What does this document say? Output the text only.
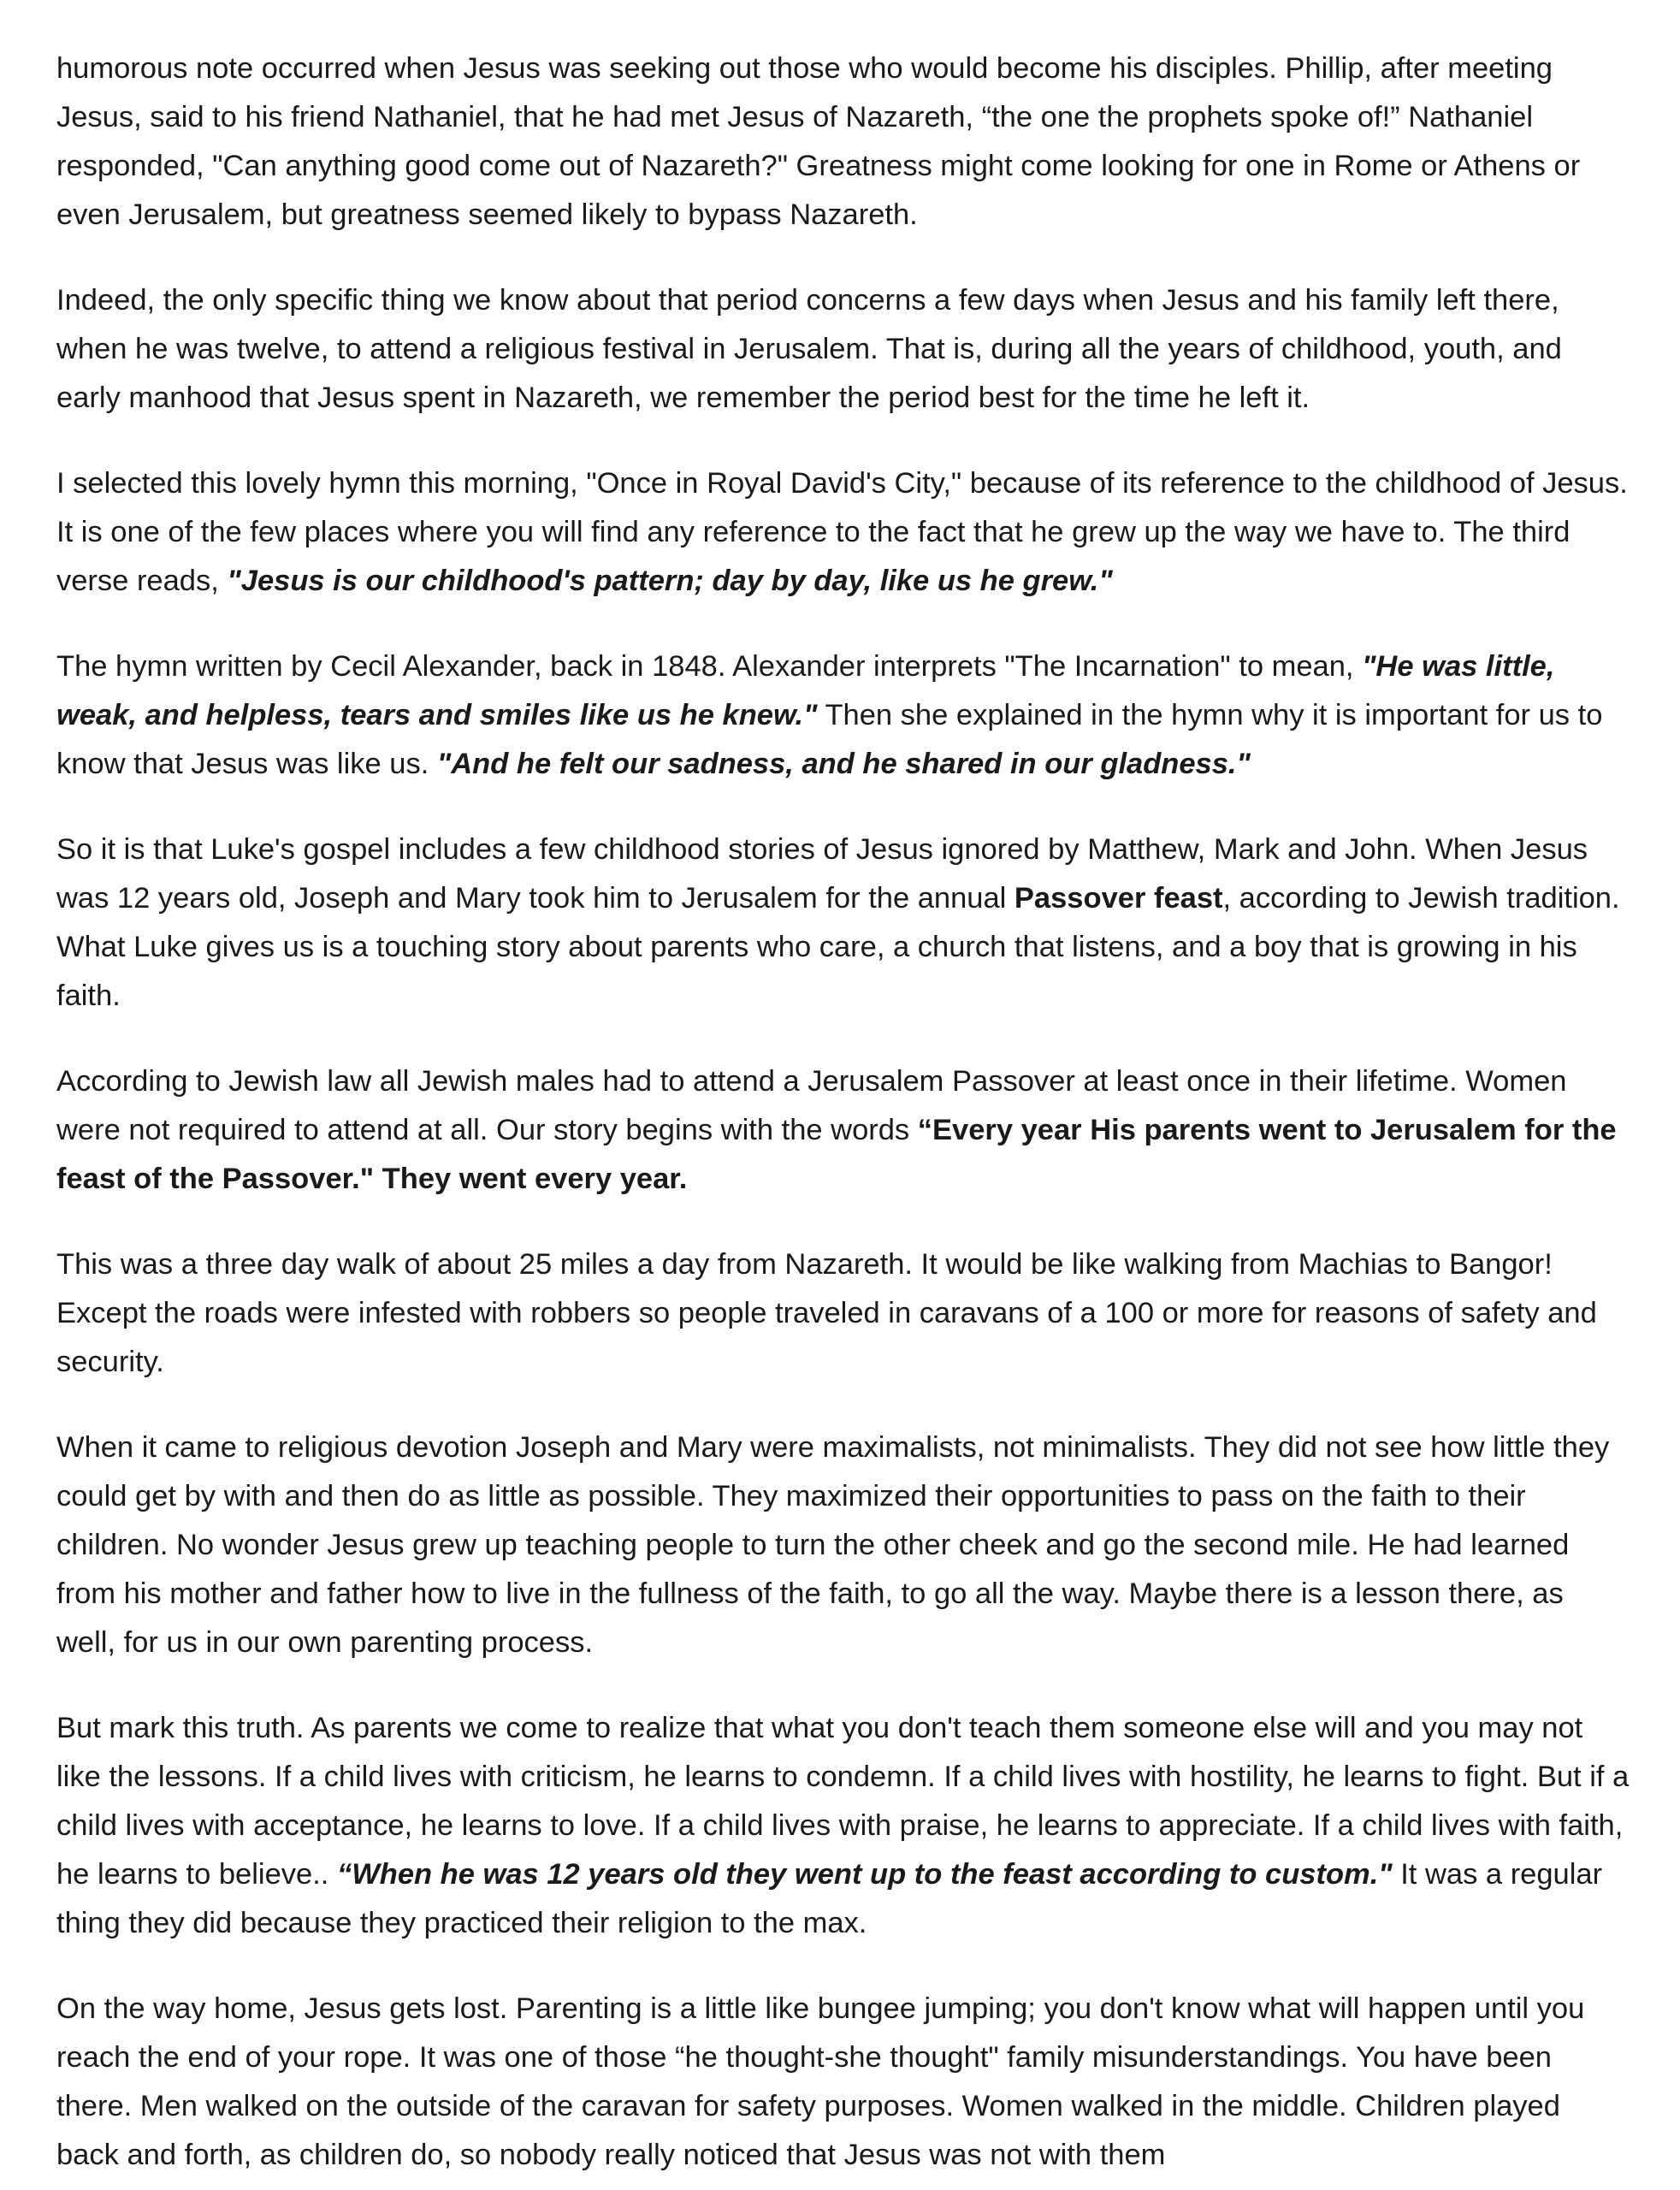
humorous note occurred when Jesus was seeking out those who would become his disciples. Phillip, after meeting Jesus, said to his friend Nathaniel, that he had met Jesus of Nazareth, “the one the prophets spoke of!” Nathaniel responded, "Can anything good come out of Nazareth?" Greatness might come looking for one in Rome or Athens or even Jerusalem, but greatness seemed likely to bypass Nazareth.

Indeed, the only specific thing we know about that period concerns a few days when Jesus and his family left there, when he was twelve, to attend a religious festival in Jerusalem. That is, during all the years of childhood, youth, and early manhood that Jesus spent in Nazareth, we remember the period best for the time he left it.

I selected this lovely hymn this morning, "Once in Royal David's City," because of its reference to the childhood of Jesus. It is one of the few places where you will find any reference to the fact that he grew up the way we have to. The third verse reads, "Jesus is our childhood's pattern; day by day, like us he grew."

The hymn written by Cecil Alexander, back in 1848. Alexander interprets "The Incarnation" to mean, "He was little, weak, and helpless, tears and smiles like us he knew." Then she explained in the hymn why it is important for us to know that Jesus was like us. "And he felt our sadness, and he shared in our gladness."

So it is that Luke's gospel includes a few childhood stories of Jesus ignored by Matthew, Mark and John. When Jesus was 12 years old, Joseph and Mary took him to Jerusalem for the annual Passover feast, according to Jewish tradition. What Luke gives us is a touching story about parents who care, a church that listens, and a boy that is growing in his faith.

According to Jewish law all Jewish males had to attend a Jerusalem Passover at least once in their lifetime. Women were not required to attend at all. Our story begins with the words “Every year His parents went to Jerusalem for the feast of the Passover." They went every year.

This was a three day walk of about 25 miles a day from Nazareth. It would be like walking from Machias to Bangor! Except the roads were infested with robbers so people traveled in caravans of a 100 or more for reasons of safety and security.

When it came to religious devotion Joseph and Mary were maximalists, not minimalists. They did not see how little they could get by with and then do as little as possible. They maximized their opportunities to pass on the faith to their children. No wonder Jesus grew up teaching people to turn the other cheek and go the second mile. He had learned from his mother and father how to live in the fullness of the faith, to go all the way. Maybe there is a lesson there, as well, for us in our own parenting process.

But mark this truth. As parents we come to realize that what you don't teach them someone else will and you may not like the lessons. If a child lives with criticism, he learns to condemn. If a child lives with hostility, he learns to fight. But if a child lives with acceptance, he learns to love. If a child lives with praise, he learns to appreciate. If a child lives with faith, he learns to believe.. “When he was 12 years old they went up to the feast according to custom." It was a regular thing they did because they practiced their religion to the max.

On the way home, Jesus gets lost. Parenting is a little like bungee jumping; you don't know what will happen until you reach the end of your rope. It was one of those “he thought-she thought" family misunderstandings. You have been there. Men walked on the outside of the caravan for safety purposes. Women walked in the middle. Children played back and forth, as children do, so nobody really noticed that Jesus was not with them
